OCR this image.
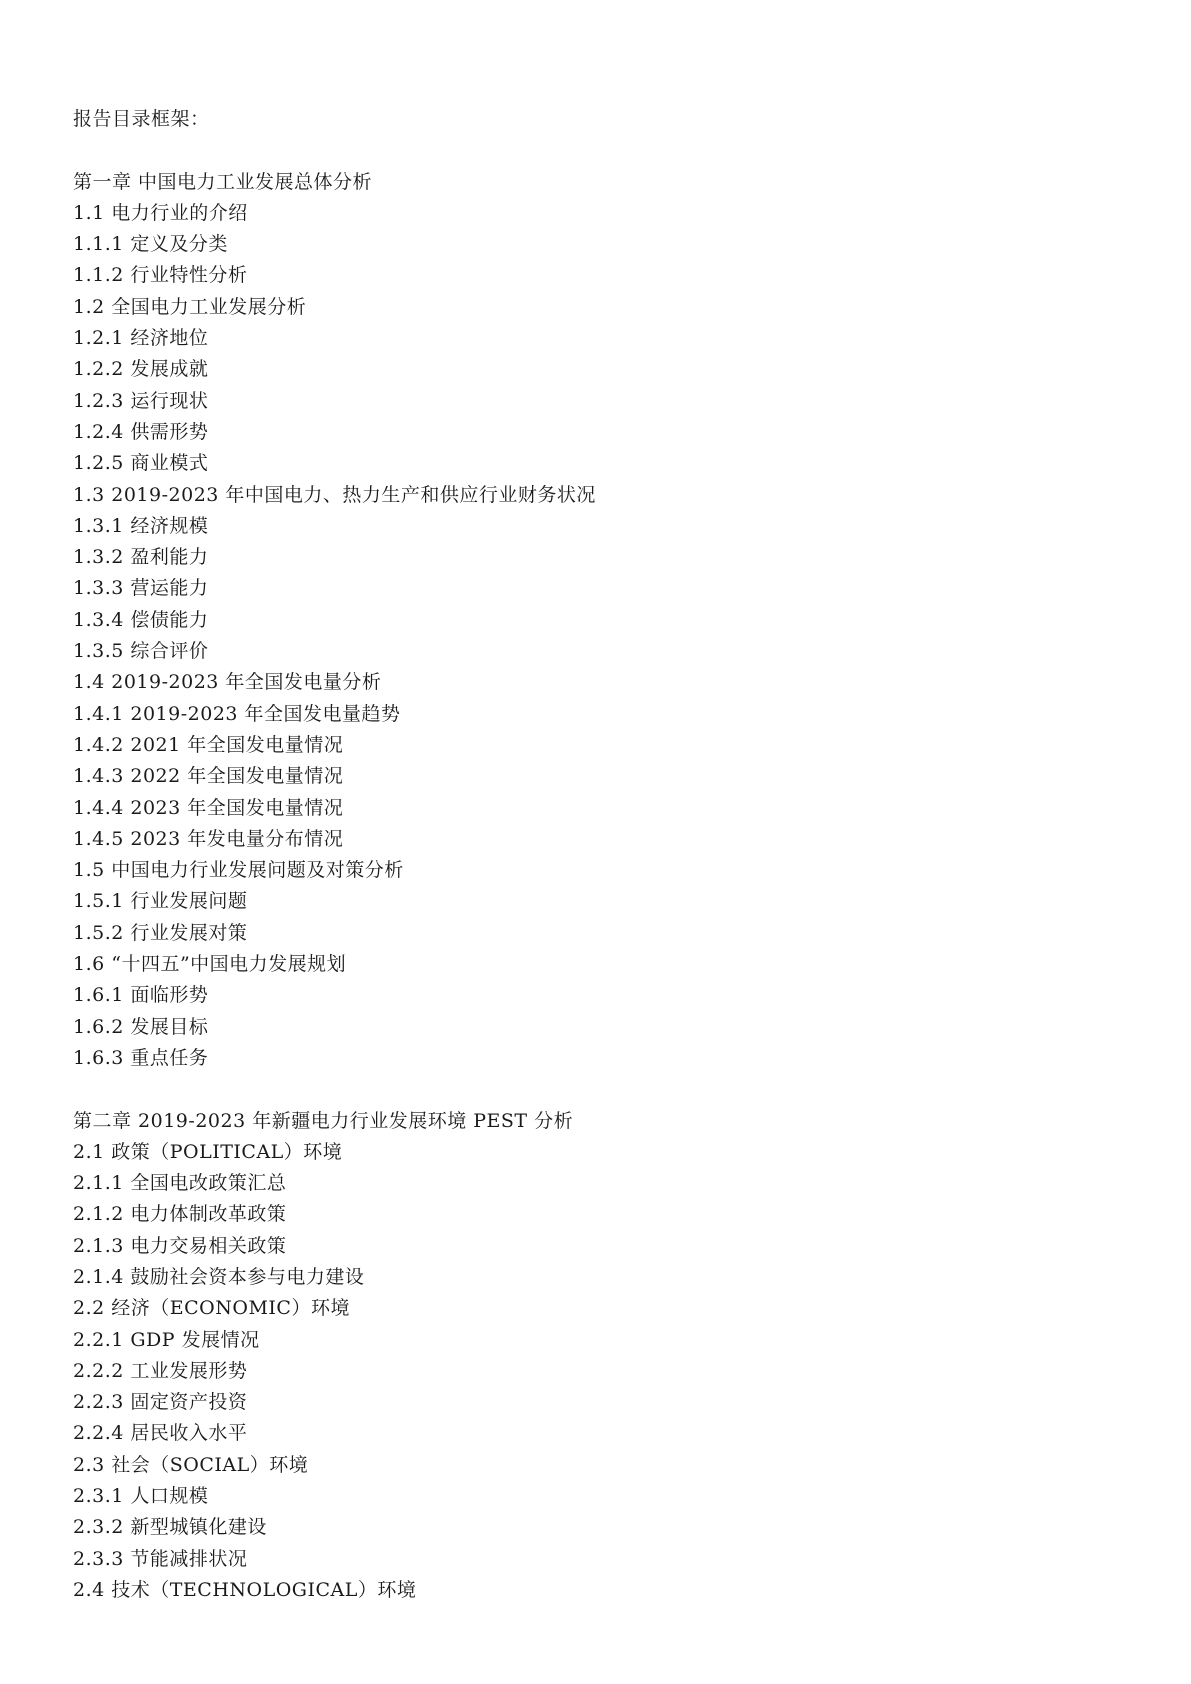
报告目录框架：
第一章 中国电力工业发展总体分析
1.1 电力行业的介绍
1.1.1 定义及分类
1.1.2 行业特性分析
1.2 全国电力工业发展分析
1.2.1 经济地位
1.2.2 发展成就
1.2.3 运行现状
1.2.4 供需形势
1.2.5 商业模式
1.3 2019-2023 年中国电力、热力生产和供应行业财务状况
1.3.1 经济规模
1.3.2 盈利能力
1.3.3 营运能力
1.3.4 偿债能力
1.3.5 综合评价
1.4 2019-2023 年全国发电量分析
1.4.1 2019-2023 年全国发电量趋势
1.4.2 2021 年全国发电量情况
1.4.3 2022 年全国发电量情况
1.4.4 2023 年全国发电量情况
1.4.5 2023 年发电量分布情况
1.5 中国电力行业发展问题及对策分析
1.5.1 行业发展问题
1.5.2 行业发展对策
1.6 “十四五”中国电力发展规划
1.6.1 面临形势
1.6.2 发展目标
1.6.3 重点任务
第二章 2019-2023 年新疆电力行业发展环境 PEST 分析
2.1 政策（POLITICAL）环境
2.1.1 全国电改政策汇总
2.1.2 电力体制改革政策
2.1.3 电力交易相关政策
2.1.4 鼓励社会资本参与电力建设
2.2 经济（ECONOMIC）环境
2.2.1 GDP 发展情况
2.2.2 工业发展形势
2.2.3 固定资产投资
2.2.4 居民收入水平
2.3 社会（SOCIAL）环境
2.3.1 人口规模
2.3.2 新型城镇化建设
2.3.3 节能减排状况
2.4 技术（TECHNOLOGICAL）环境
